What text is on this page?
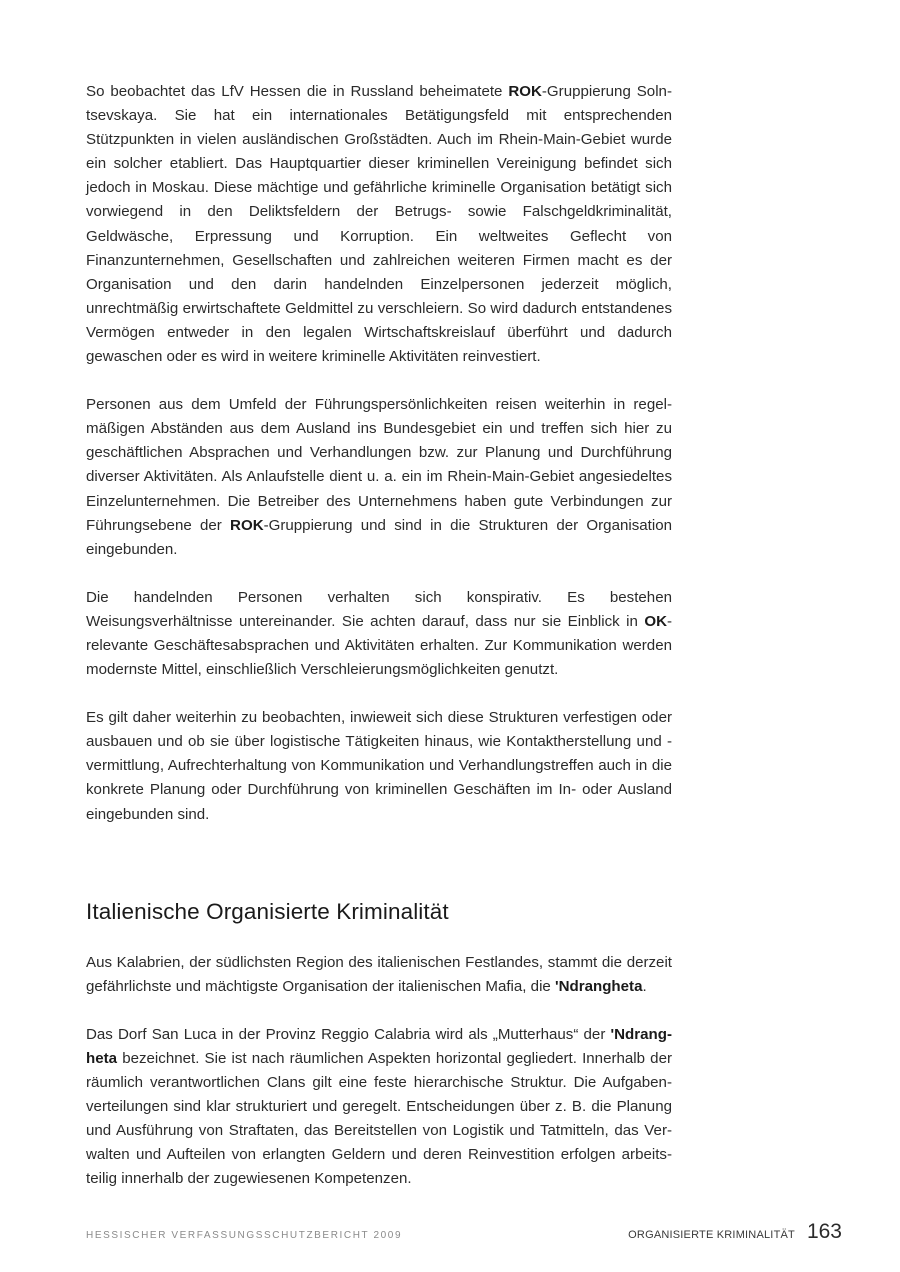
So beobachtet das LfV Hessen die in Russland beheimatete ROK-Gruppierung Solntsevskaya. Sie hat ein internationales Betätigungsfeld mit entsprechenden Stützpunkten in vielen ausländischen Großstädten. Auch im Rhein-Main-Gebiet wurde ein solcher etabliert. Das Hauptquartier dieser kriminellen Vereinigung befindet sich jedoch in Moskau. Diese mächtige und gefährliche kriminelle Organisation betätigt sich vorwiegend in den Deliktsfeldern der Betrugs- sowie Falschgeldkriminalität, Geldwäsche, Erpressung und Korruption. Ein weltweites Geflecht von Finanzunternehmen, Gesellschaften und zahlreichen weiteren Firmen macht es der Organisation und den darin handelnden Einzelpersonen jederzeit möglich, unrechtmäßig erwirtschaftete Geldmittel zu verschleiern. So wird dadurch entstandenes Vermögen entweder in den legalen Wirtschaftskreislauf überführt und dadurch gewaschen oder es wird in weitere kriminelle Aktivitäten reinvestiert.

Personen aus dem Umfeld der Führungspersönlichkeiten reisen weiterhin in regelmäßigen Abständen aus dem Ausland ins Bundesgebiet ein und treffen sich hier zu geschäftlichen Absprachen und Verhandlungen bzw. zur Planung und Durchführung diverser Aktivitäten. Als Anlaufstelle dient u. a. ein im Rhein-Main-Gebiet angesiedeltes Einzelunternehmen. Die Betreiber des Unternehmens haben gute Verbindungen zur Führungsebene der ROK-Gruppierung und sind in die Strukturen der Organisation eingebunden.

Die handelnden Personen verhalten sich konspirativ. Es bestehen Weisungsverhältnisse untereinander. Sie achten darauf, dass nur sie Einblick in OK-relevante Geschäftesabsprachen und Aktivitäten erhalten. Zur Kommunikation werden modernste Mittel, einschließlich Verschleierungsmöglichkeiten genutzt.

Es gilt daher weiterhin zu beobachten, inwieweit sich diese Strukturen verfestigen oder ausbauen und ob sie über logistische Tätigkeiten hinaus, wie Kontaktherstellung und -vermittlung, Aufrechterhaltung von Kommunikation und Verhandlungstreffen auch in die konkrete Planung oder Durchführung von kriminellen Geschäften im In- oder Ausland eingebunden sind.

Italienische Organisierte Kriminalität

Aus Kalabrien, der südlichsten Region des italienischen Festlandes, stammt die derzeit gefährlichste und mächtigste Organisation der italienischen Mafia, die 'Ndrangheta.

Das Dorf San Luca in der Provinz Reggio Calabria wird als „Mutterhaus“ der 'Ndrangheta bezeichnet. Sie ist nach räumlichen Aspekten horizontal gegliedert. Innerhalb der räumlich verantwortlichen Clans gilt eine feste hierarchische Struktur. Die Aufgabenverteilungen sind klar strukturiert und geregelt. Entscheidungen über z. B. die Planung und Ausführung von Straftaten, das Bereitstellen von Logistik und Tatmitteln, das Verwalten und Aufteilen von erlangten Geldern und deren Reinvestition erfolgen arbeitsteilig innerhalb der zugewiesenen Kompetenzen.

HESSISCHER VERFASSUNGSSCHUTZBERICHT 2009	ORGANISIERTE KRIMINALITÄT 163
